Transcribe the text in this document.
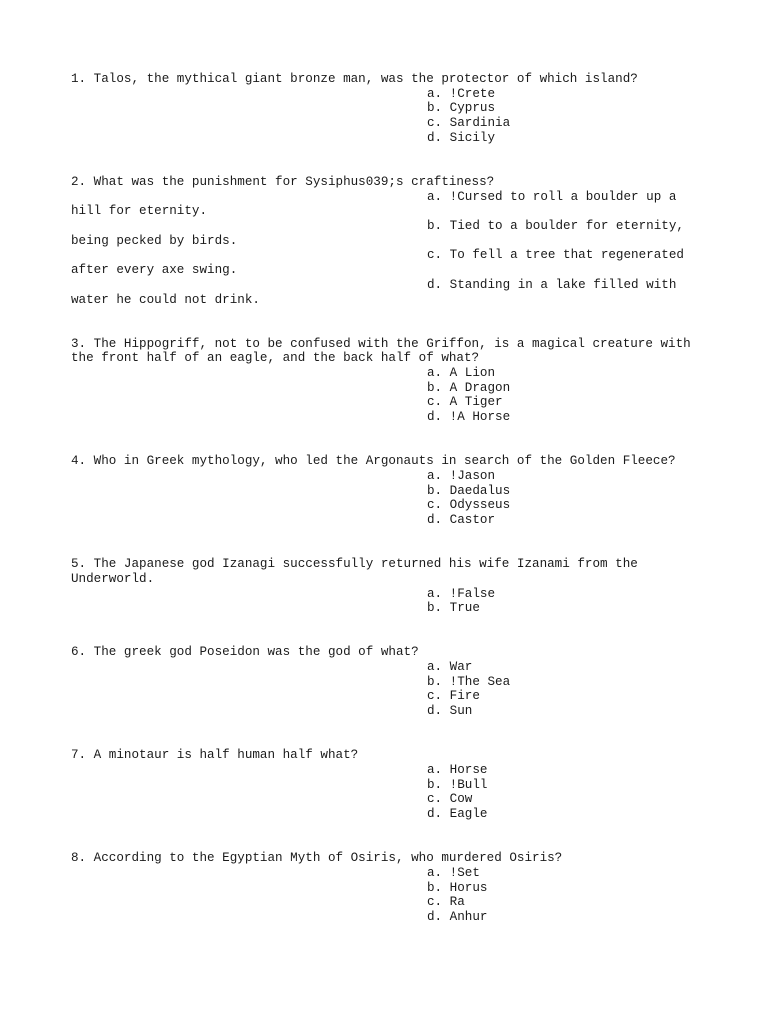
1. Talos, the mythical giant bronze man, was the protector of which island?
a. !Crete
b. Cyprus
c. Sardinia
d. Sicily
2. What was the punishment for Sysiphus039;s craftiness?
a. !Cursed to roll a boulder up a hill for eternity.
b. Tied to a boulder for eternity, being pecked by birds.
c. To fell a tree that regenerated after every axe swing.
d. Standing in a lake filled with water he could not drink.
3. The Hippogriff, not to be confused with the Griffon, is a magical creature with the front half of an eagle, and the back half of what?
a. A Lion
b. A Dragon
c. A Tiger
d. !A Horse
4. Who in Greek mythology, who led the Argonauts in search of the Golden Fleece?
a. !Jason
b. Daedalus
c. Odysseus
d. Castor
5. The Japanese god Izanagi successfully returned his wife Izanami from the Underworld.
a. !False
b. True
6. The greek god Poseidon was the god of what?
a. War
b. !The Sea
c. Fire
d. Sun
7. A minotaur is half human half what?
a. Horse
b. !Bull
c. Cow
d. Eagle
8. According to the Egyptian Myth of Osiris, who murdered Osiris?
a. !Set
b. Horus
c. Ra
d. Anhur
